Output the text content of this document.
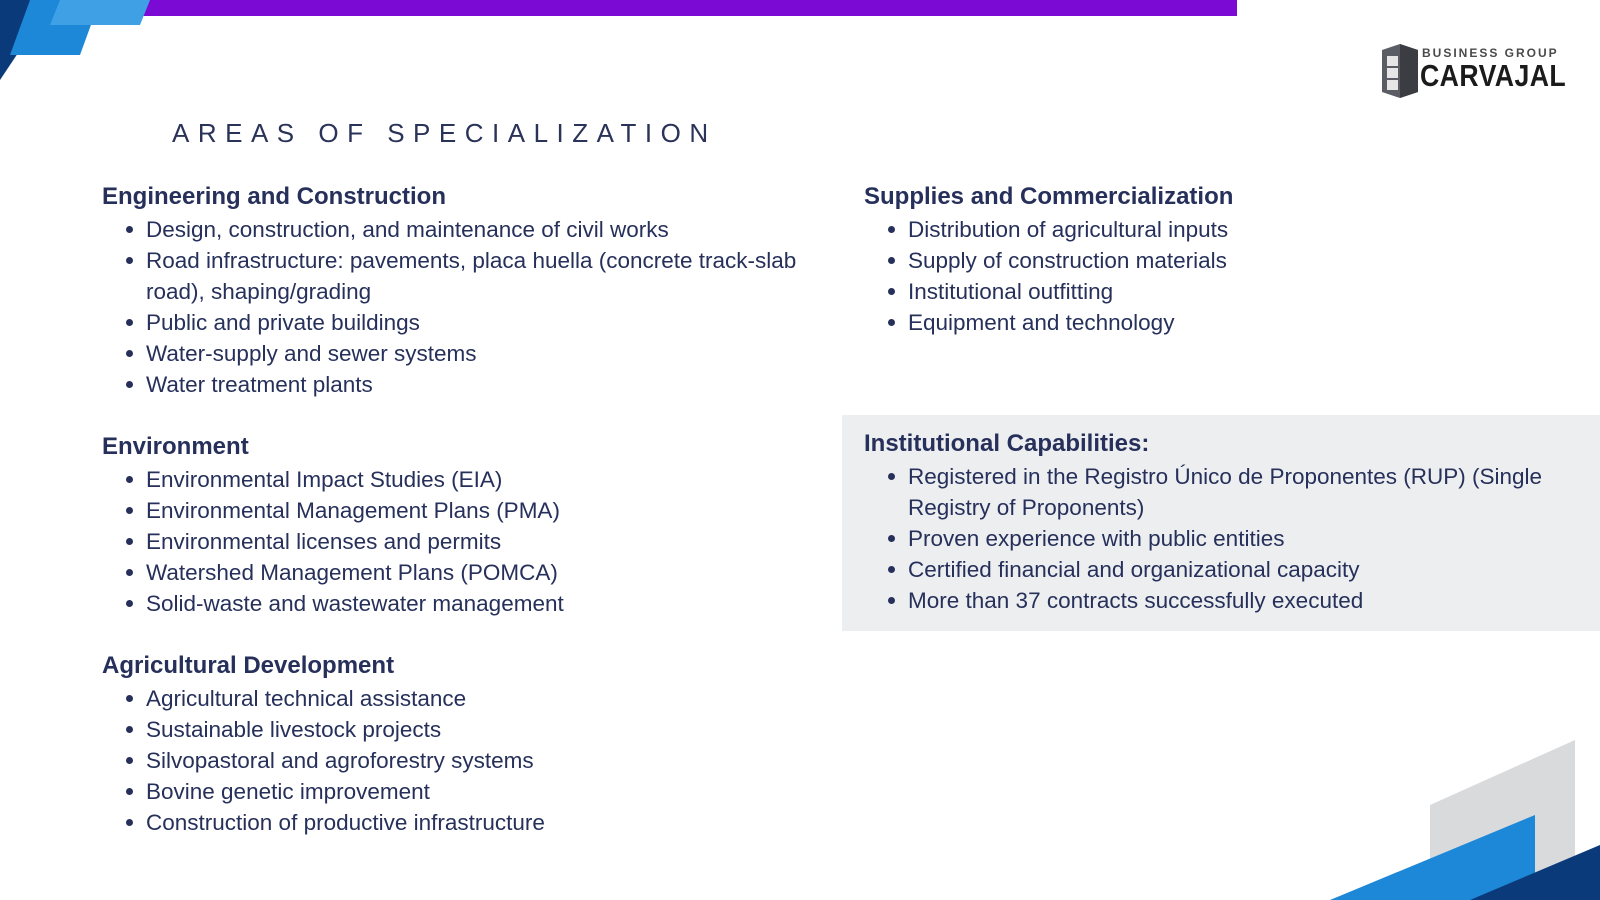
BUSINESS GROUP
CARVAJAL
AREAS OF SPECIALIZATION
Engineering and Construction
Design, construction, and maintenance of civil works
Road infrastructure: pavements, placa huella (concrete track-slab road), shaping/grading
Public and private buildings
Water-supply and sewer systems
Water treatment plants
Environment
Environmental Impact Studies (EIA)
Environmental Management Plans (PMA)
Environmental licenses and permits
Watershed Management Plans (POMCA)
Solid-waste and wastewater management
Agricultural Development
Agricultural technical assistance
Sustainable livestock projects
Silvopastoral and agroforestry systems
Bovine genetic improvement
Construction of productive infrastructure
Supplies and Commercialization
Distribution of agricultural inputs
Supply of construction materials
Institutional outfitting
Equipment and technology
Institutional Capabilities:
Registered in the Registro Único de Proponentes (RUP) (Single Registry of Proponents)
Proven experience with public entities
Certified financial and organizational capacity
More than 37 contracts successfully executed
